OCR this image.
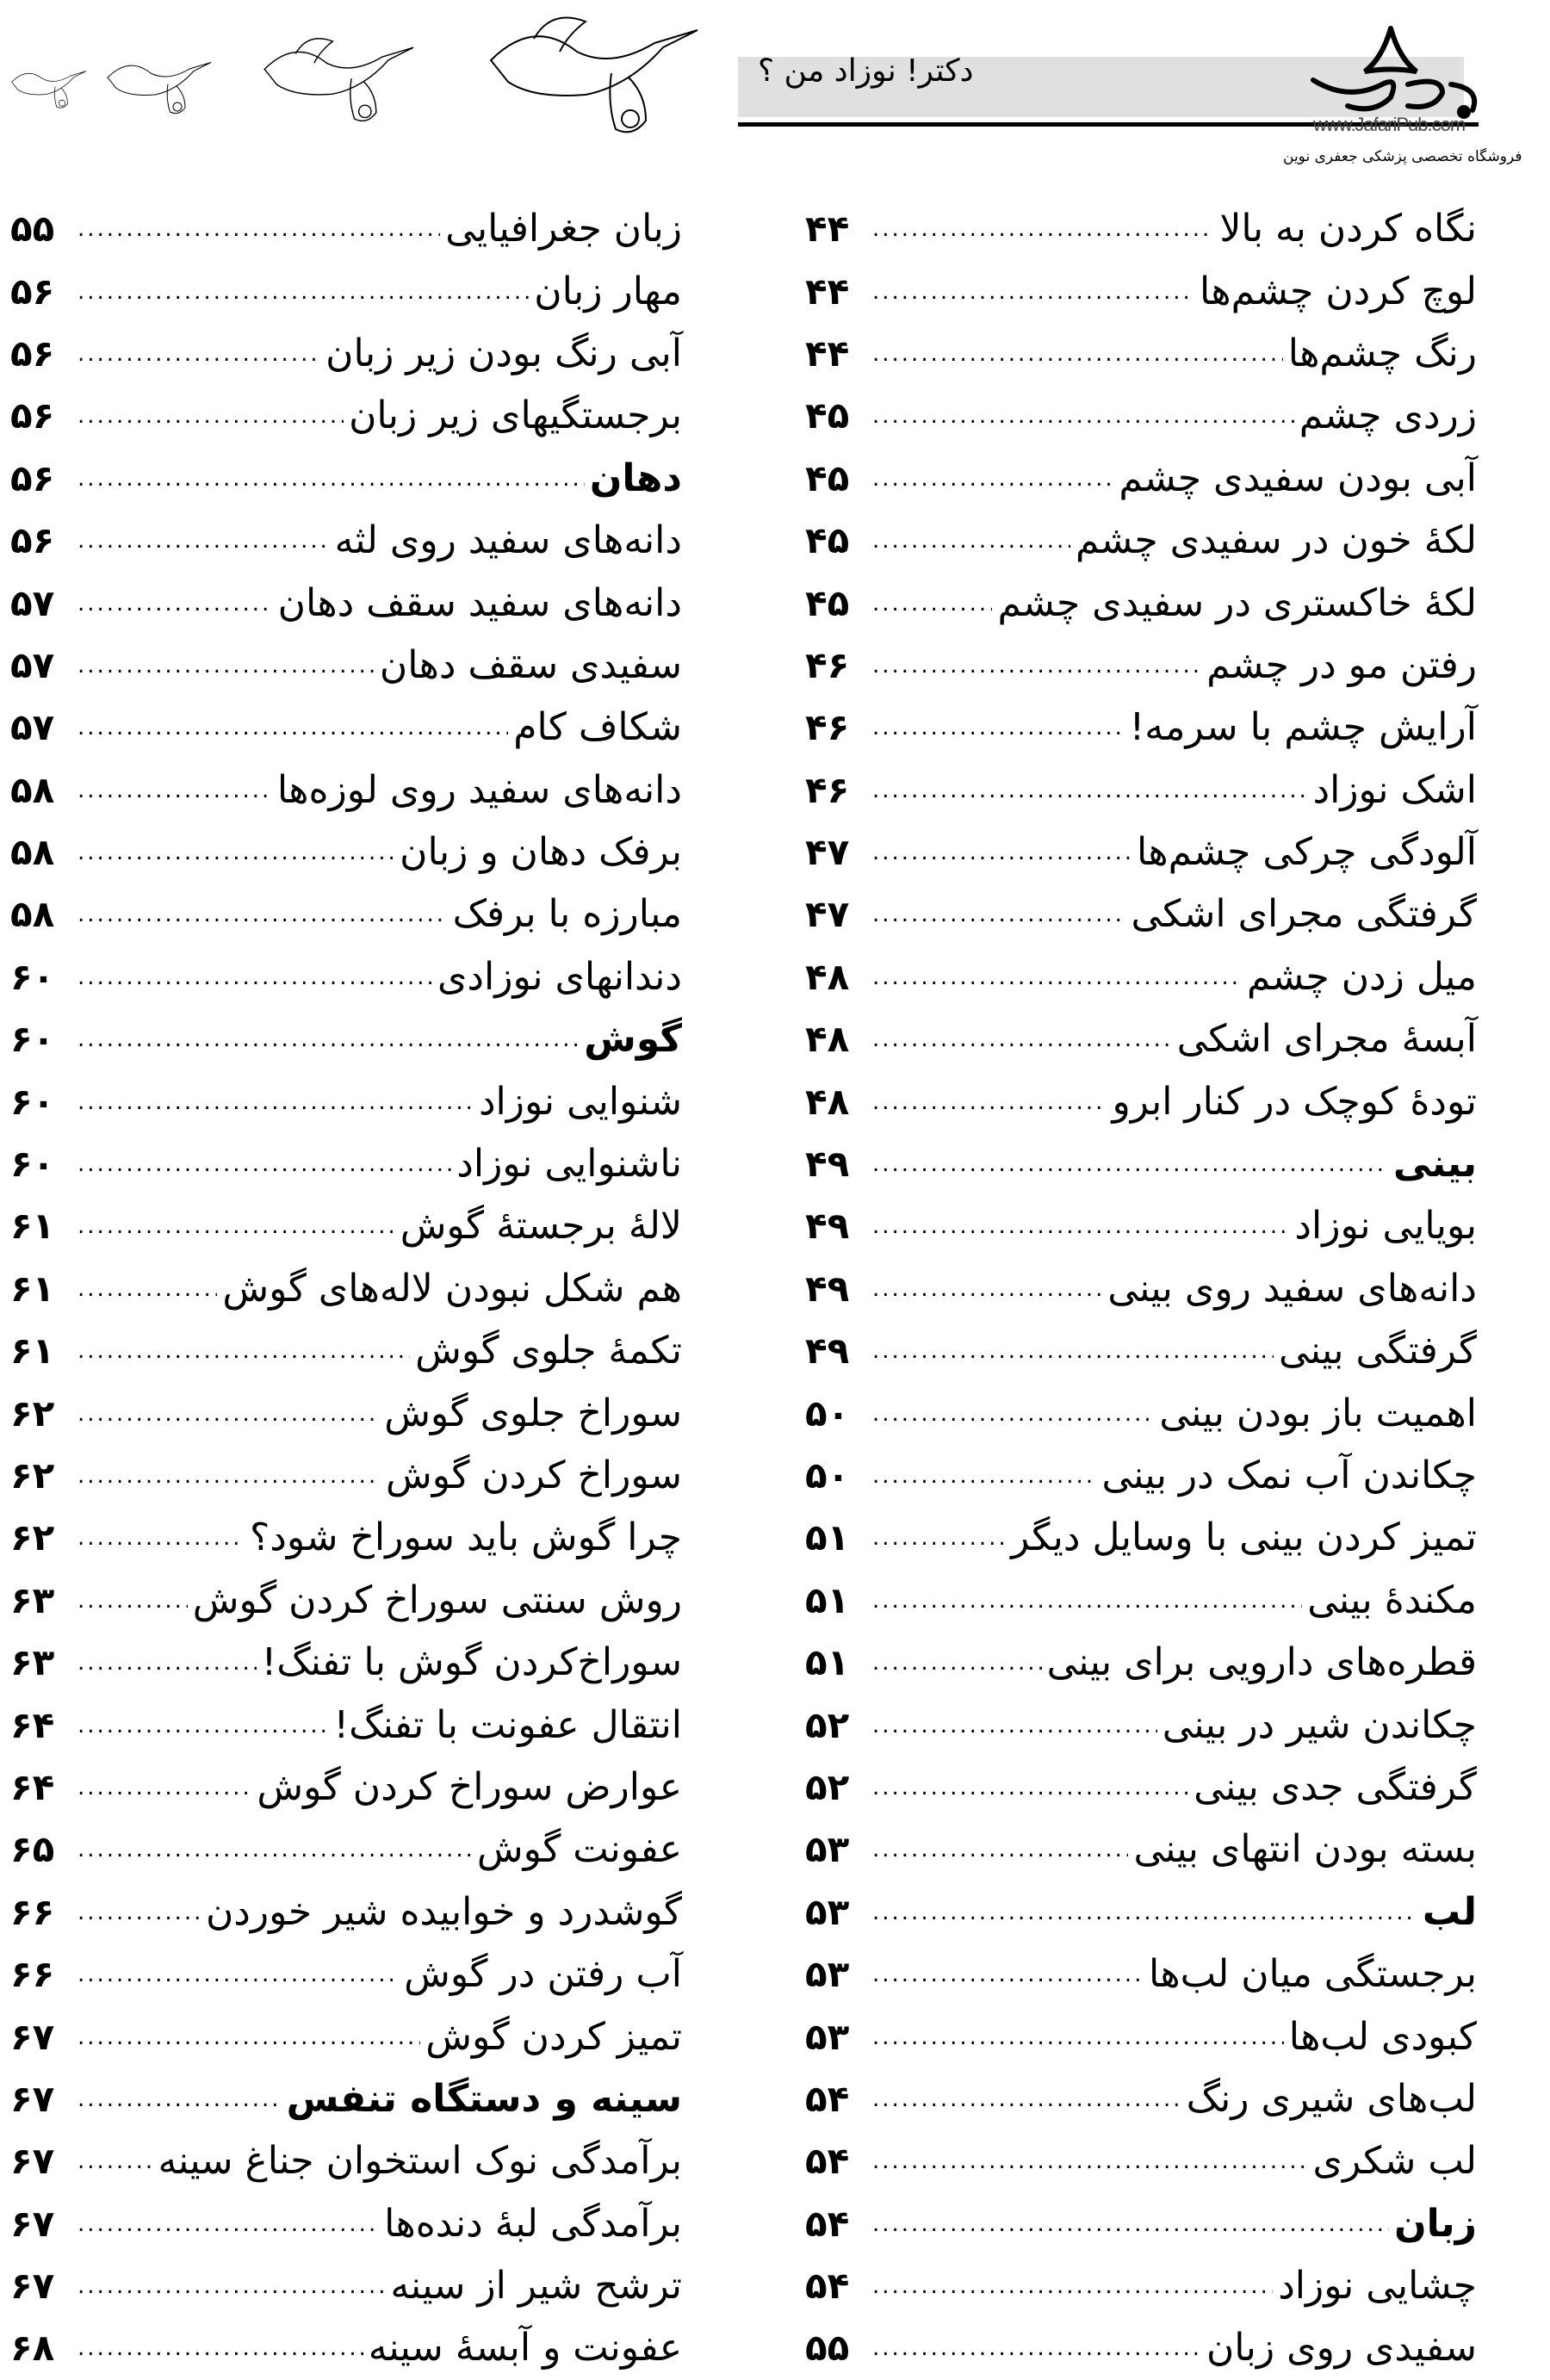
دکتر! نوزاد من ؟
www.JafariPub.com
فروشگاه تخصصی پزشکی جعفری نوین
نگاه کردن به بالا
.....
۴۴
لوچ کردن چشم‌ها
.....
۴۴
رنگ چشم‌ها
.....
۴۴
زردی چشم
.....
۴۵
آبی بودن سفیدی چشم
.....
۴۵
لکهٔ خون در سفیدی چشم
.....
۴۵
لکهٔ خاکستری در سفیدی چشم
.....
۴۵
رفتن مو در چشم
.....
۴۶
آرایش چشم با سرمه!
.....
۴۶
اشک نوزاد
.....
۴۶
آلودگی چرکی چشم‌ها
.....
۴۷
گرفتگی مجرای اشکی
.....
۴۷
میل زدن چشم
.....
۴۸
آبسهٔ مجرای اشکی
.....
۴۸
تودهٔ کوچک در کنار ابرو
.....
۴۸
بینی
.....
۴۹
بویایی نوزاد
.....
۴۹
دانه‌های سفید روی بینی
.....
۴۹
گرفتگی بینی
.....
۴۹
اهمیت باز بودن بینی
.....
۵۰
چکاندن آب نمک در بینی
.....
۵۰
تمیز کردن بینی با وسایل دیگر
.....
۵۱
مکندهٔ بینی
.....
۵۱
قطره‌های دارویی برای بینی
.....
۵۱
چکاندن شیر در بینی
.....
۵۲
گرفتگی جدی بینی
.....
۵۲
بسته بودن انتهای بینی
.....
۵۳
لب
.....
۵۳
برجستگی میان لب‌ها
.....
۵۳
کبودی لب‌ها
.....
۵۳
لب‌های شیری رنگ
.....
۵۴
لب شکری
.....
۵۴
زبان
.....
۵۴
چشایی نوزاد
.....
۵۴
سفیدی روی زبان
.....
۵۵
زبان جغرافیایی
.....
۵۵
مهار زبان
.....
۵۶
آبی رنگ بودن زیر زبان
.....
۵۶
برجستگیهای زیر زبان
.....
۵۶
دهان
.....
۵۶
دانه‌های سفید روی لثه
.....
۵۶
دانه‌های سفید سقف دهان
.....
۵۷
سفیدی سقف دهان
.....
۵۷
شکاف کام
.....
۵۷
دانه‌های سفید روی لوزه‌ها
.....
۵۸
برفک دهان و زبان
.....
۵۸
مبارزه با برفک
.....
۵۸
دندانهای نوزادی
.....
۶۰
گوش
.....
۶۰
شنوایی نوزاد
.....
۶۰
ناشنوایی نوزاد
.....
۶۰
لالهٔ برجستهٔ گوش
.....
۶۱
هم شکل نبودن لاله‌های گوش
.....
۶۱
تکمهٔ جلوی گوش
.....
۶۱
سوراخ جلوی گوش
.....
۶۲
سوراخ کردن گوش
.....
۶۲
چرا گوش باید سوراخ شود؟
.....
۶۲
روش سنتی سوراخ کردن گوش
.....
۶۳
سوراخ‌کردن گوش با تفنگ!
.....
۶۳
انتقال عفونت با تفنگ!
.....
۶۴
عوارض سوراخ کردن گوش
.....
۶۴
عفونت گوش
.....
۶۵
گوشدرد و خوابیده شیر خوردن
.....
۶۶
آب رفتن در گوش
.....
۶۶
تمیز کردن گوش
.....
۶۷
سینه و دستگاه تنفس
.....
۶۷
برآمدگی نوک استخوان جناغ سینه
.....
۶۷
برآمدگی لبهٔ دنده‌ها
.....
۶۷
ترشح شیر از سینه
.....
۶۷
عفونت و آبسهٔ سینه
.....
۶۸
